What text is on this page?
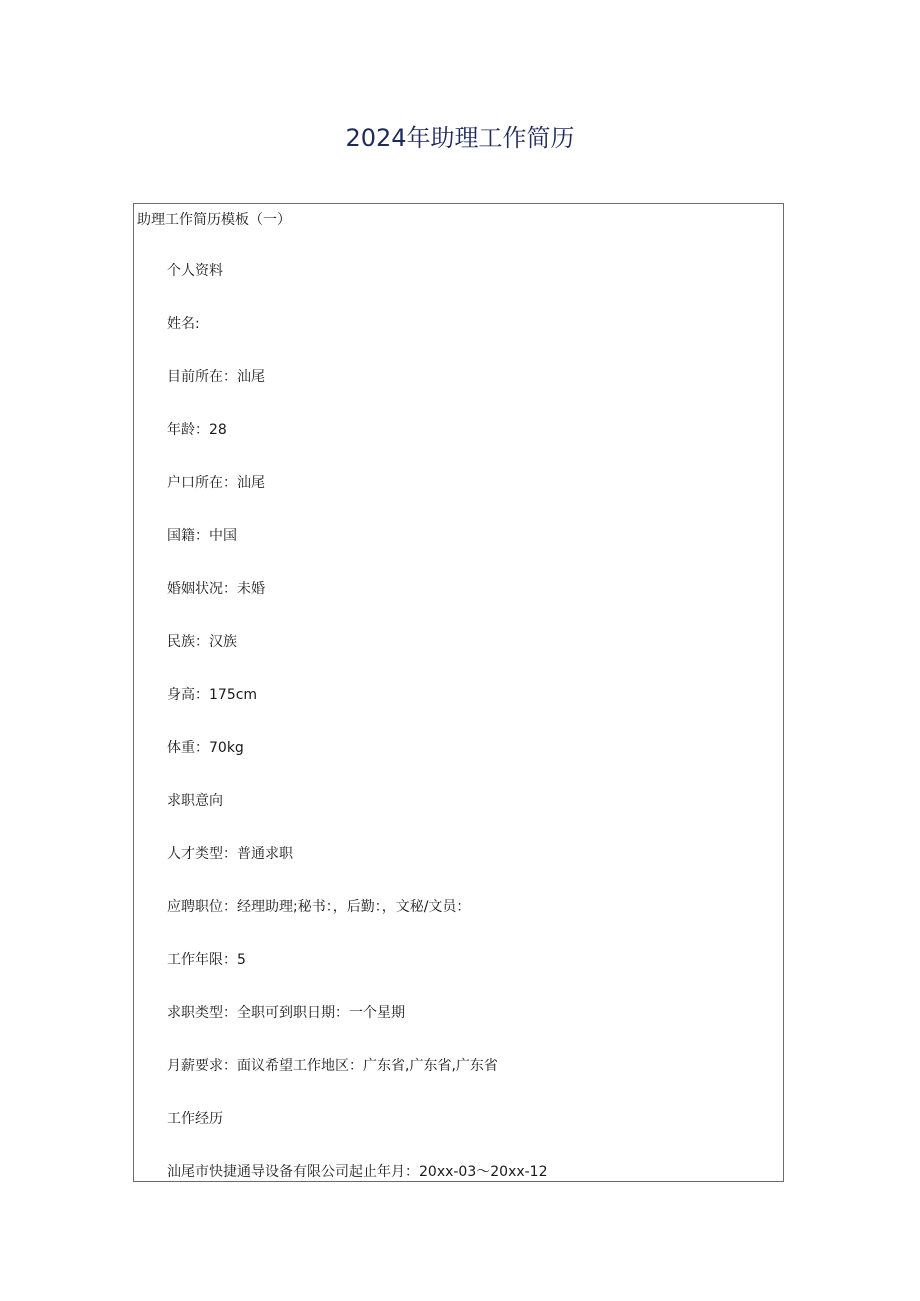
2024年助理工作简历
助理工作简历模板（一）
个人资料
姓名:
目前所在：汕尾
年龄：28
户口所在：汕尾
国籍：中国
婚姻状况：未婚
民族：汉族
身高：175cm
体重：70kg
求职意向
人才类型：普通求职
应聘职位：经理助理;秘书：，后勤：，文秘/文员：
工作年限：5
求职类型：全职可到职日期：一个星期
月薪要求：面议希望工作地区：广东省,广东省,广东省
工作经历
汕尾市快捷通导设备有限公司起止年月：20xx-03～20xx-12
